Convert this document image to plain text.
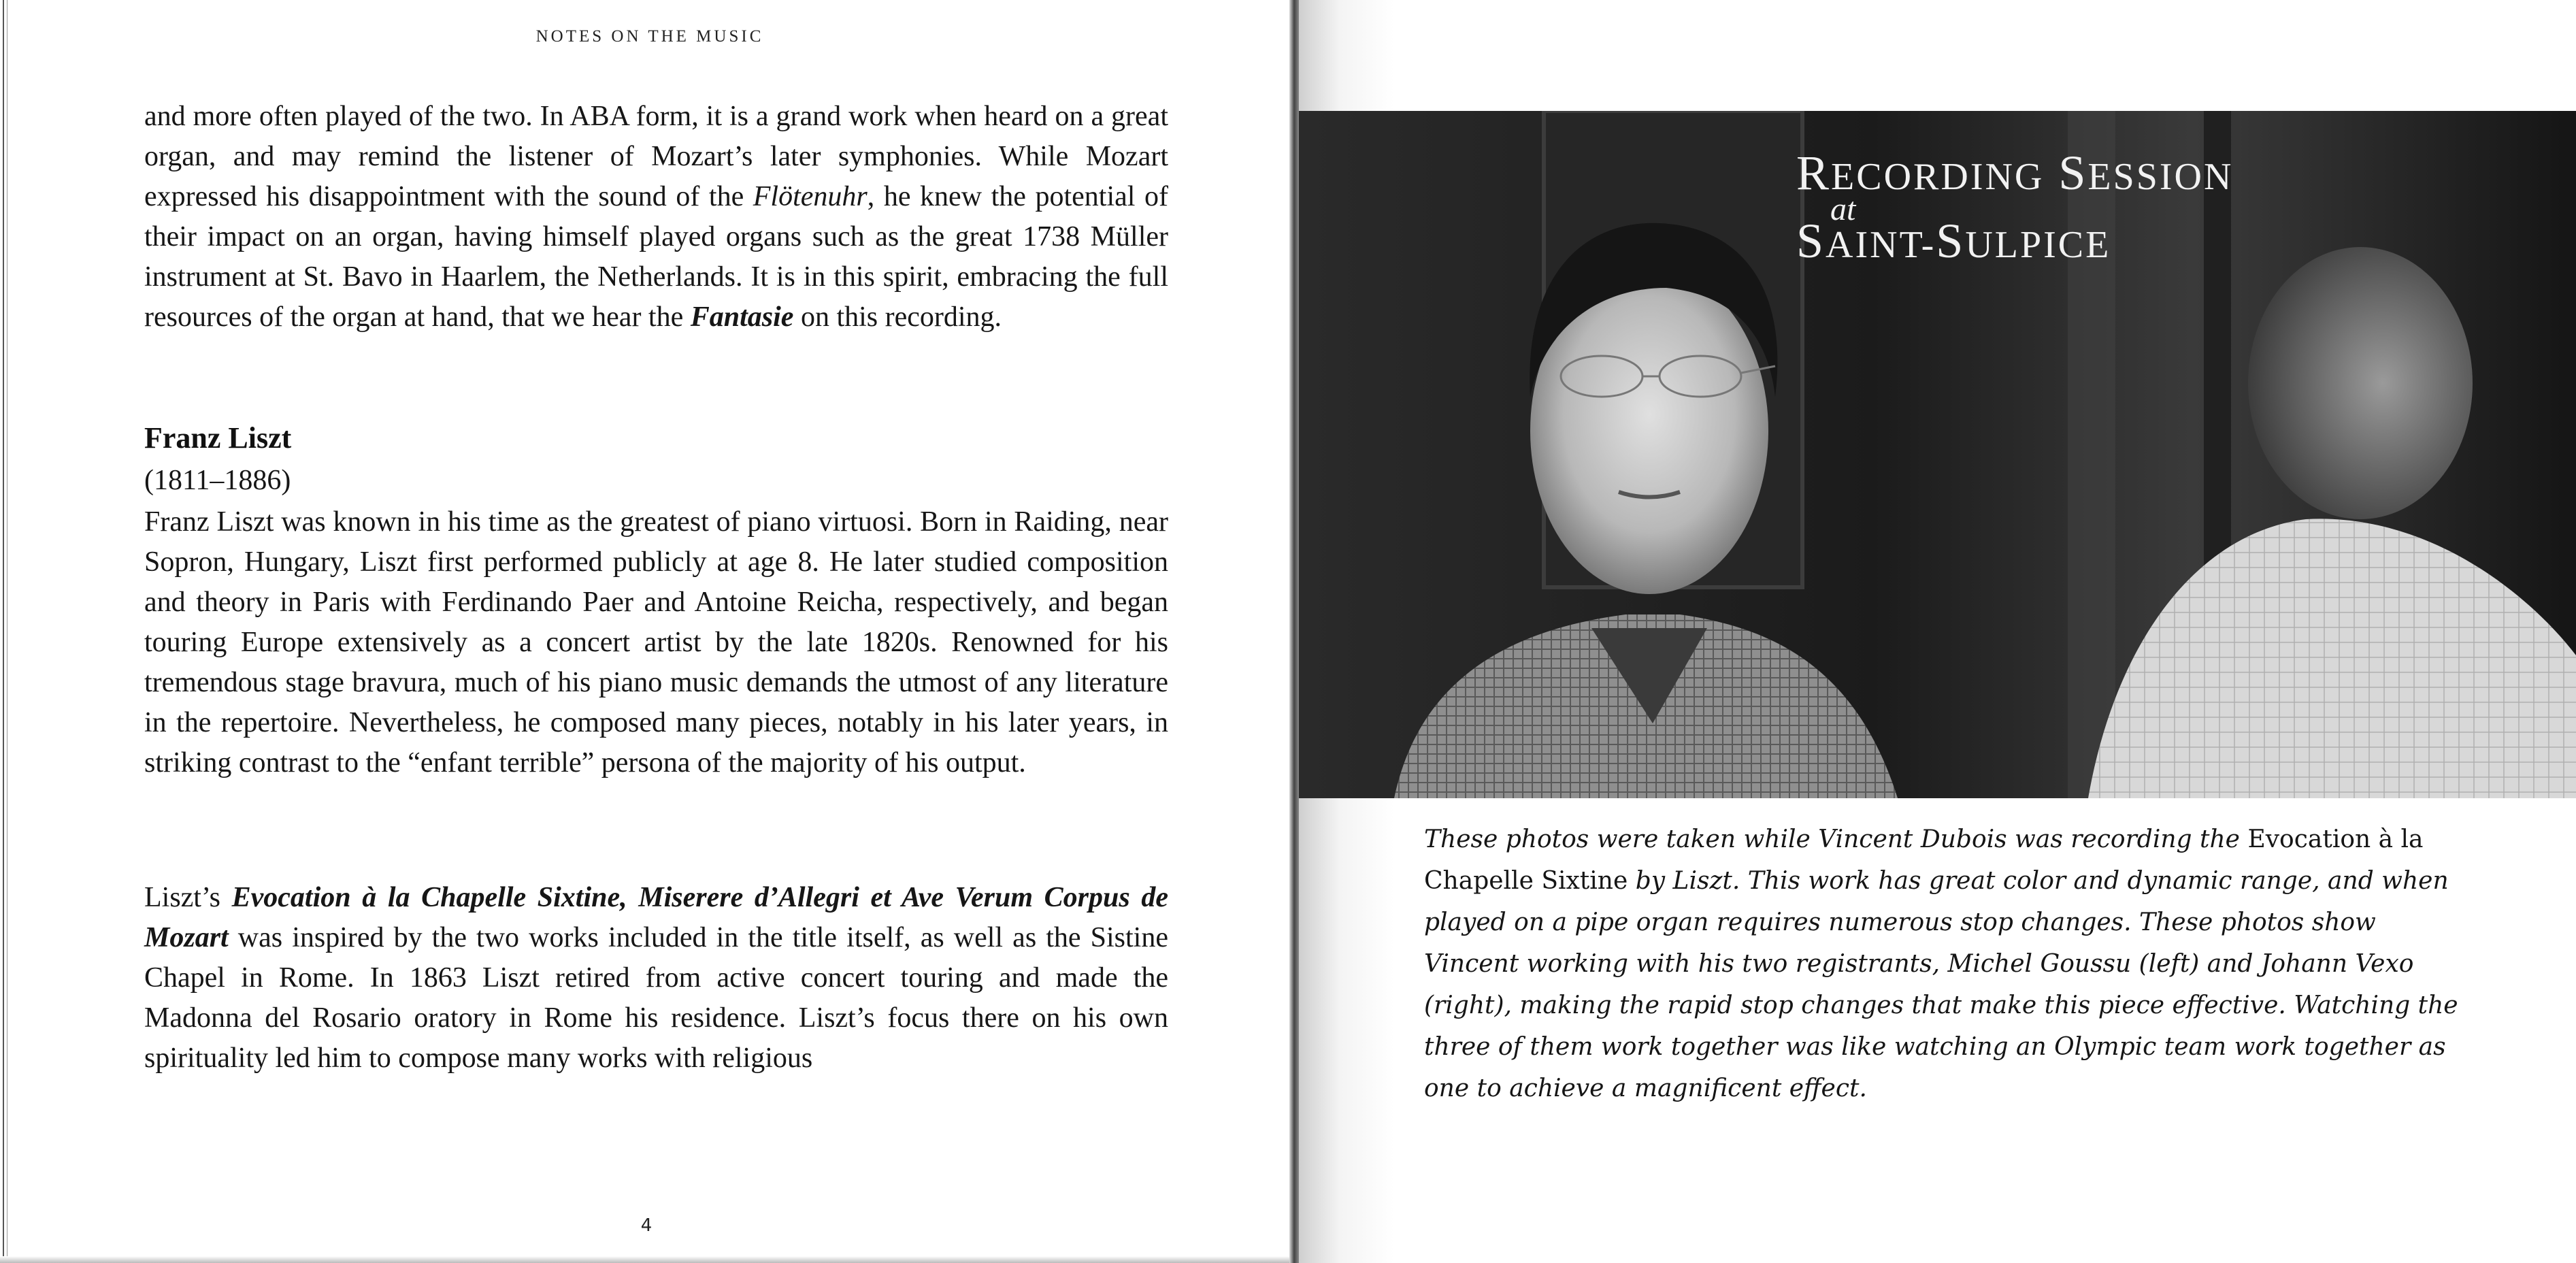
NOTES ON THE MUSIC

and more often played of the two. In ABA form, it is a grand work when heard on a great organ, and may remind the listener of Mozart’s later symphonies. While Mozart expressed his disappointment with the sound of the Flötenuhr, he knew the potential of their impact on an organ, having himself played organs such as the great 1738 Müller instrument at St. Bavo in Haarlem, the Netherlands. It is in this spirit, embracing the full resources of the organ at hand, that we hear the Fantasie on this recording.

Franz Liszt
(1811–1886)

Franz Liszt was known in his time as the greatest of piano virtuosi. Born in Raiding, near Sopron, Hungary, Liszt first performed publicly at age 8. He later studied composition and theory in Paris with Ferdinando Paer and Antoine Reicha, respectively, and began touring Europe extensively as a concert artist by the late 1820s. Renowned for his tremendous stage bravura, much of his piano music demands the utmost of any literature in the repertoire. Nevertheless, he composed many pieces, notably in his later years, in striking contrast to the “enfant terrible” persona of the majority of his output.

Liszt’s Evocation à la Chapelle Sixtine, Miserere d’Allegri et Ave Verum Corpus de Mozart was inspired by the two works included in the title itself, as well as the Sistine Chapel in Rome. In 1863 Liszt retired from active concert touring and made the Madonna del Rosario oratory in Rome his residence. Liszt’s focus there on his own spirituality led him to compose many works with religious

4
RECORDING SESSION
at
SAINT-SULPICE

These photos were taken while Vincent Dubois was recording the Evocation à la Chapelle Sixtine by Liszt. This work has great color and dynamic range, and when played on a pipe organ requires numerous stop changes. These photos show Vincent working with his two registrants, Michel Goussu (left) and Johann Vexo (right), making the rapid stop changes that make this piece effective. Watching the three of them work together was like watching an Olympic team work together as one to achieve a magnificent effect.
